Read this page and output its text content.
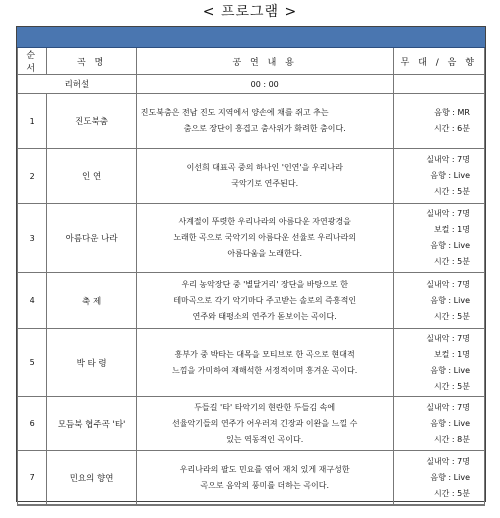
< 프로그램 >
순서	곡 명	공 연 내 용	무 대 / 음 향
리허설		00 : 00	
1	진도북춤	진도북춤은 전남 진도 지역에서 양손에 채를 쥐고 추는
춤으로 장단이 흥겹고 춤사위가 화려한 춤이다.	음향 : MR
시간 : 6분

2	인 연	이선희 대표곡 중의 하나인 '인연'을 우리나라
국악기로 연주된다.	실내악 : 7명
음향 : Live
시간 : 5분

3	아름다운 나라	사계절이 뚜렷한 우리나라의 아름다운 자연광경을
노래한 곡으로 국악기의 아름다운 선율로 우리나라의
아름다움을 노래한다.	실내악 : 7명
보컬 : 1명
음향 : Live
시간 : 5분

4	축 제	우리 농악장단 중 '별달거리' 장단을 바탕으로 한
테마곡으로 각기 악기마다 주고받는 솔로의 즉흥적인
연주와 태평소의 연주가 돋보이는 곡이다.	실내악 : 7명
음향 : Live
시간 : 5분

5	박 타 령	흥부가 중 박타는 대목을 모티브로 한 곡으로 현대적
느낌을 가미하여 재해석한 서정적이며 흥겨운 곡이다.	실내악 : 7명
보컬 : 1명
음향 : Live
시간 : 5분

6	모듬북 협주곡 '타'	두들길 '타' 타악기의 현란한 두들김 속에
선율악기들의 연주가 어우러져 긴장과 이완을 느낄 수
있는 역동적인 곡이다.	실내악 : 7명
음향 : Live
시간 : 8분

7	민요의 향연	우리나라의 팔도 민요를 엮어 재치 있게 재구성한
곡으로 음악의 풍미를 더하는 곡이다.	실내악 : 7명
음향 : Live
시간 : 5분
